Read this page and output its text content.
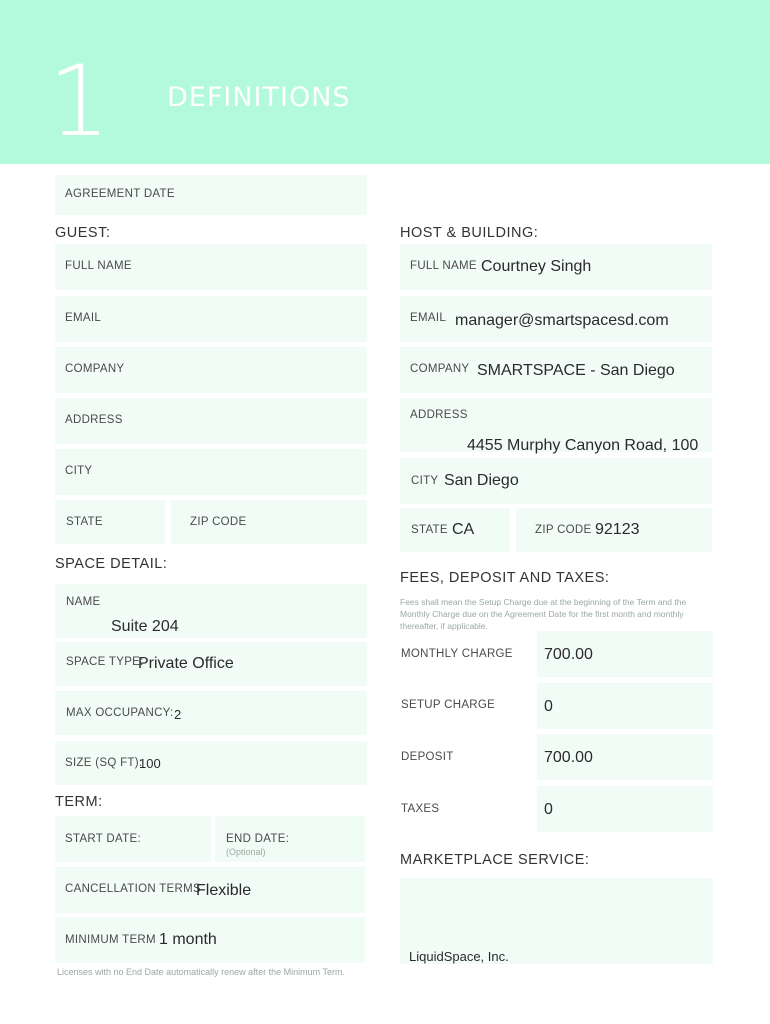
1 DEFINITIONS
AGREEMENT DATE
GUEST:
FULL NAME
EMAIL
COMPANY
ADDRESS
CITY
STATE	ZIP CODE
HOST & BUILDING:
FULL NAME Courtney Singh
EMAIL manager@smartspacesd.com
COMPANY SMARTSPACE - San Diego
ADDRESS
4455 Murphy Canyon Road, 100
CITY San Diego
STATE CA	ZIP CODE 92123
SPACE DETAIL:
NAME
Suite 204
SPACE TYPE:
Private Office
MAX OCCUPANCY: 2
SIZE (SQ FT):
100
TERM:
START DATE:	END DATE:
(Optional)
CANCELLATION TERMS
Flexible
MINIMUM TERM 1 month
Licenses with no End Date automatically renew after the Minimum Term.
FEES, DEPOSIT AND TAXES:
Fees shall mean the Setup Charge due at the beginning of the Term and the Monthly Charge due on the Agreement Date for the first month and monthly thereafter, if applicable.
MONTHLY CHARGE 700.00
SETUP CHARGE	0
DEPOSIT	700.00
TAXES	0
MARKETPLACE SERVICE:
LiquidSpace, Inc.
